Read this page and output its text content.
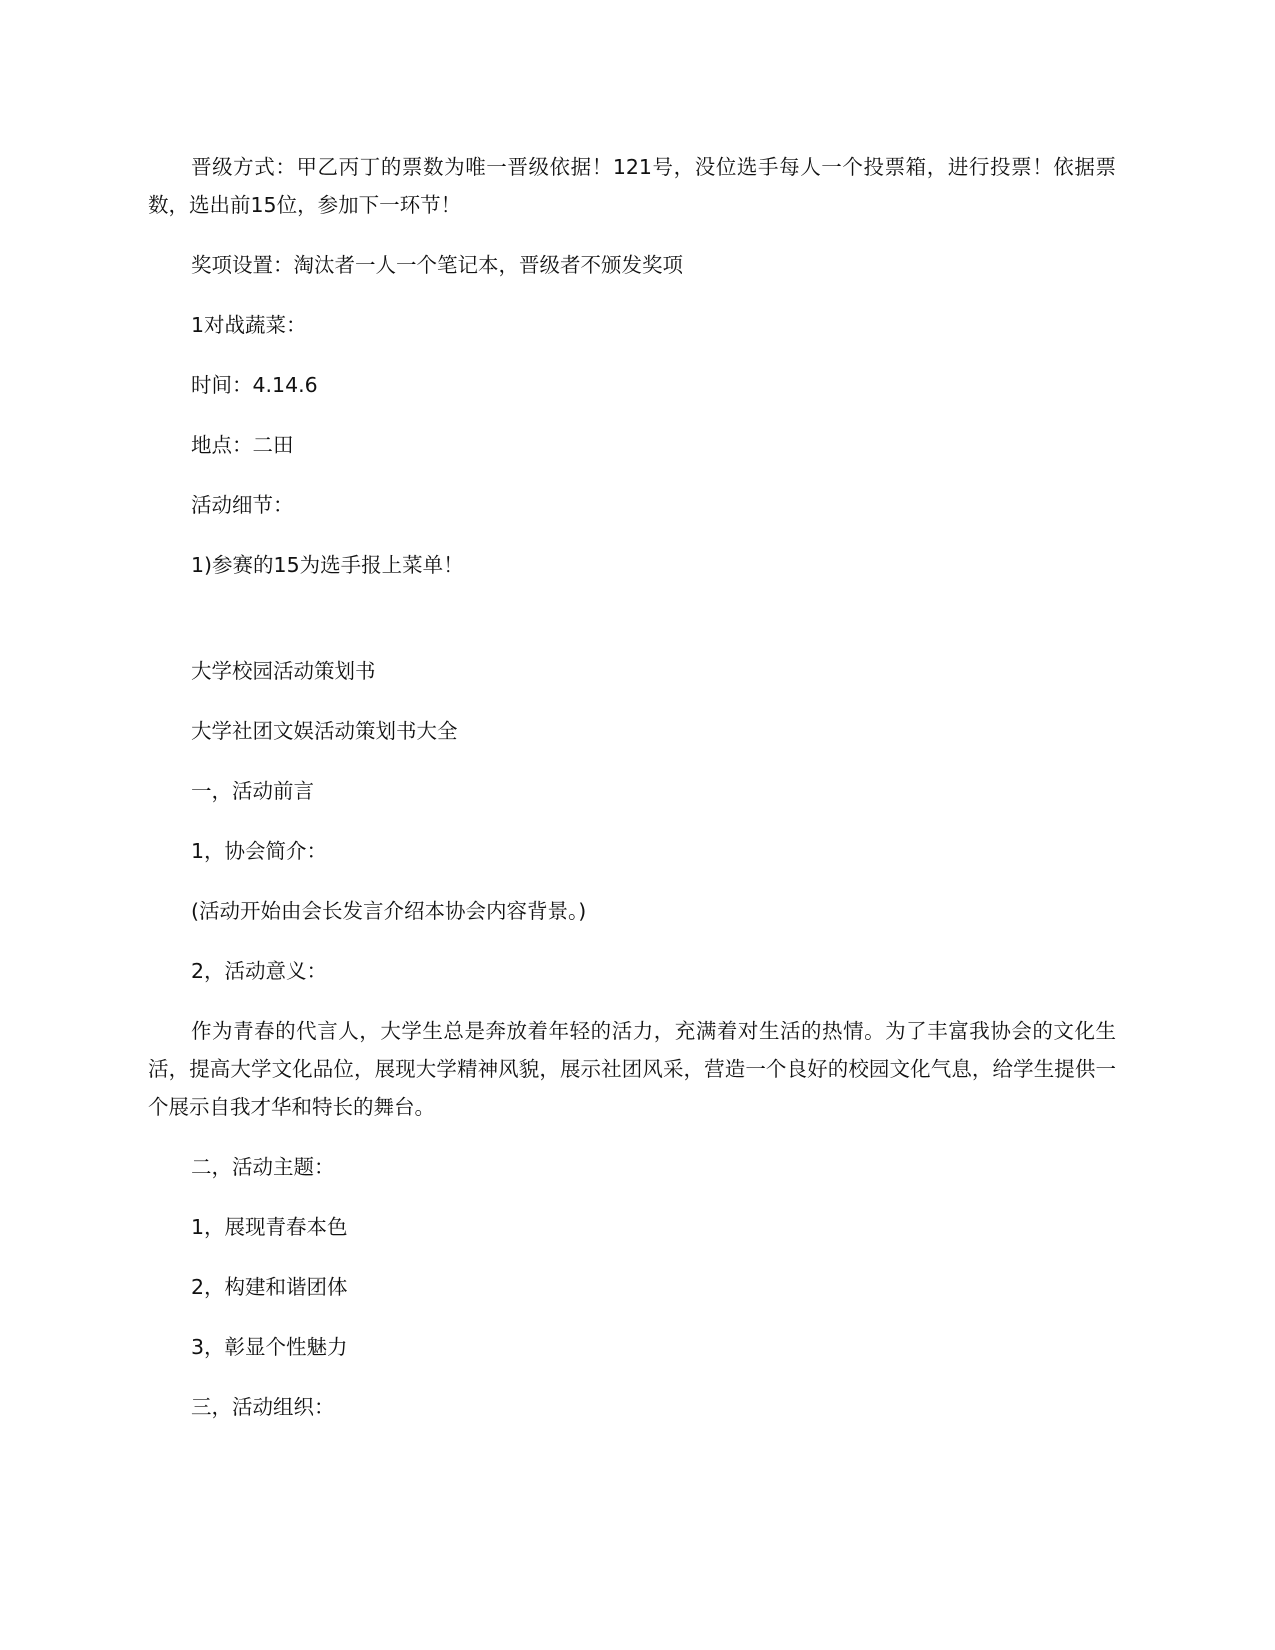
晋级方式：甲乙丙丁的票数为唯一晋级依据！121号，没位选手每人一个投票箱，进行投票！依据票数，选出前15位，参加下一环节！

奖项设置：淘汰者一人一个笔记本，晋级者不颁发奖项

1对战蔬菜：

时间：4.14.6

地点：二田

活动细节：

1)参赛的15为选手报上菜单！

大学校园活动策划书

大学社团文娱活动策划书大全

一，活动前言

1，协会简介：

(活动开始由会长发言介绍本协会内容背景。)

2，活动意义：

作为青春的代言人，大学生总是奔放着年轻的活力，充满着对生活的热情。为了丰富我协会的文化生活，提高大学文化品位，展现大学精神风貌，展示社团风采，营造一个良好的校园文化气息，给学生提供一个展示自我才华和特长的舞台。

二，活动主题：

1，展现青春本色

2，构建和谐团体

3，彰显个性魅力

三，活动组织：
